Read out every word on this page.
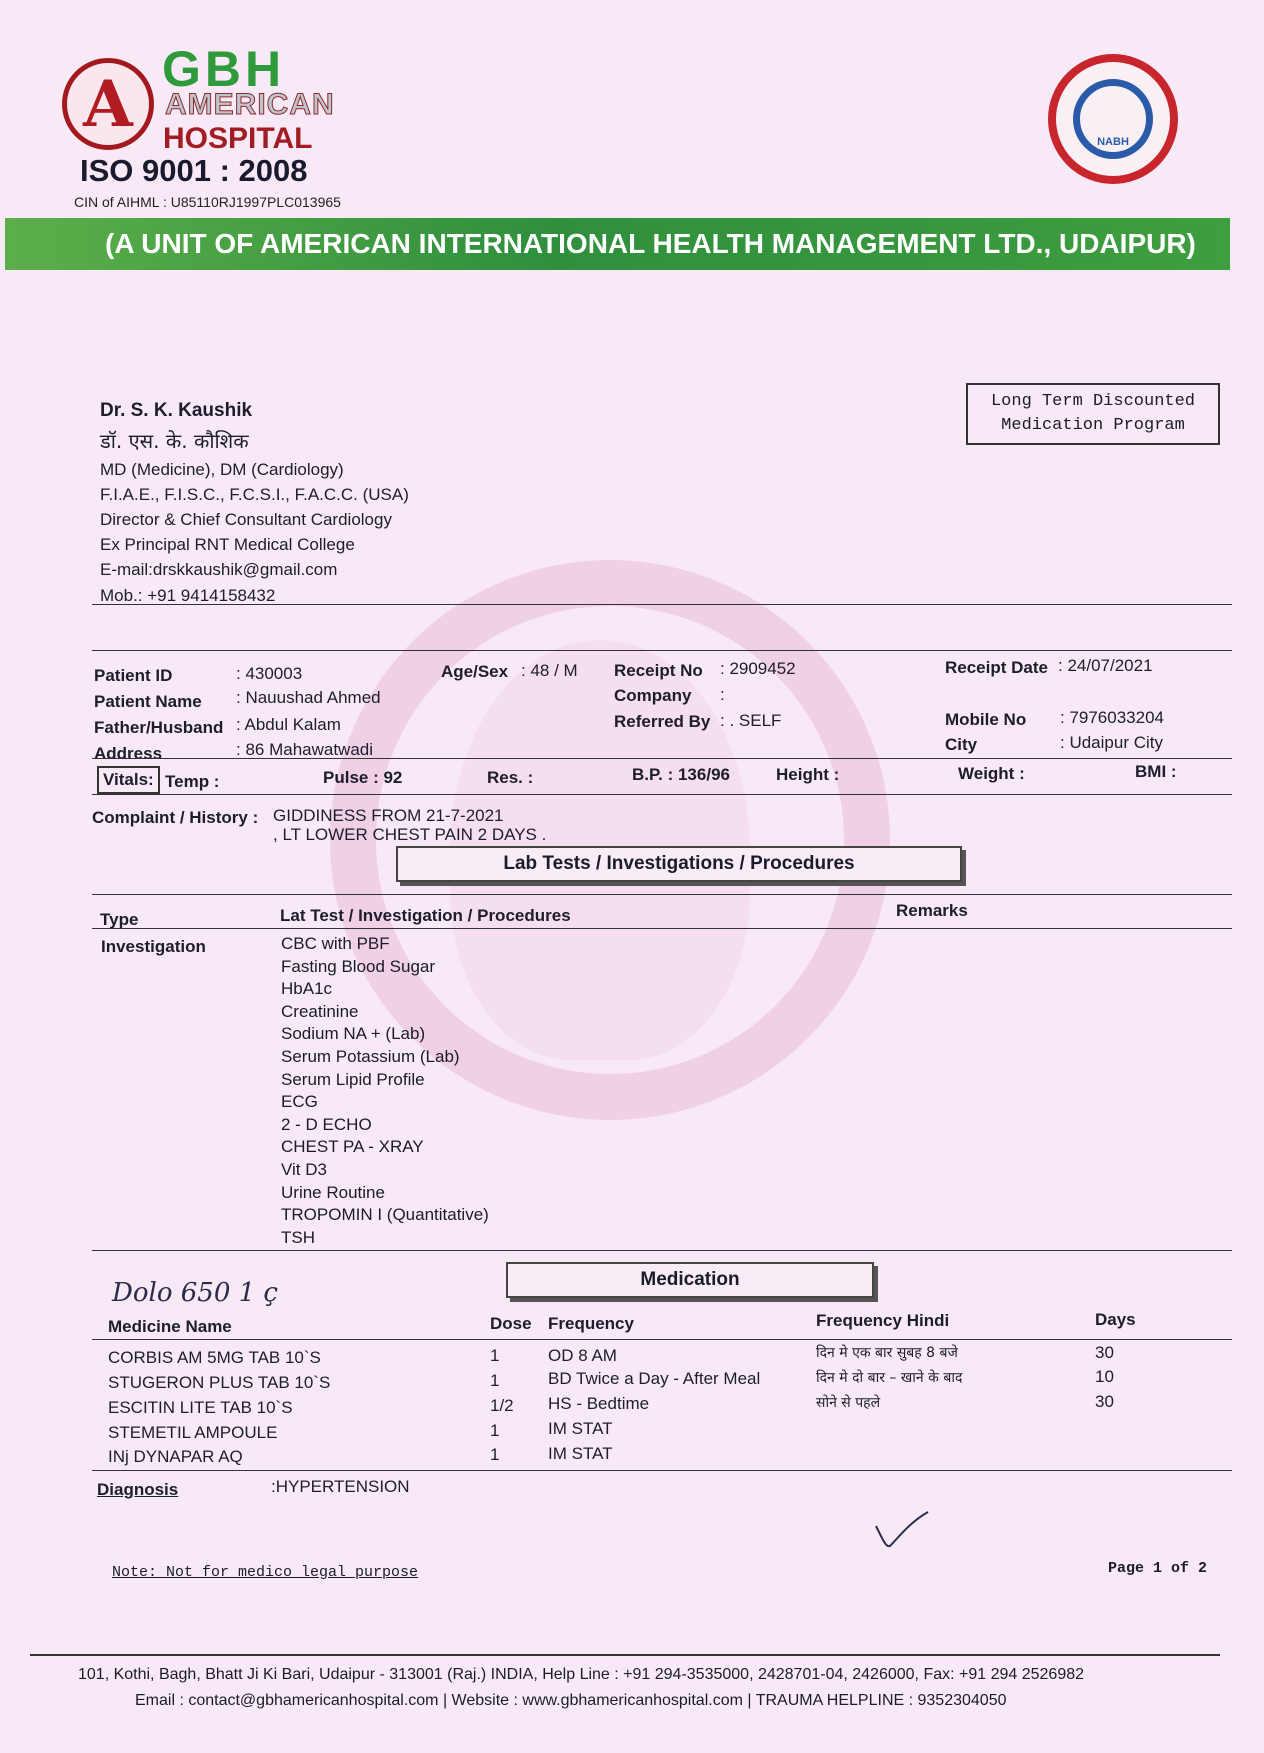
A GBH
AMERICAN
HOSPITAL
ISO 9001 : 2008
CIN of AIHML : U85110RJ1997PLC013965
NABH
(A UNIT OF AMERICAN INTERNATIONAL HEALTH MANAGEMENT LTD., UDAIPUR)
Dr. S. K. Kaushik
डॉ. एस. के. कौशिक
MD (Medicine), DM (Cardiology)
F.I.A.E., F.I.S.C., F.C.S.I., F.A.C.C. (USA)
Director & Chief Consultant Cardiology
Ex Principal RNT Medical College
E-mail:drskkaushik@gmail.com
Mob.: +91 9414158432
Long Term Discounted
Medication Program
Patient ID	: 430003
Patient Name : Nauushad Ahmed
Father/Husband : Abdul Kalam
Address	: 86 Mahawatwadi
Age/Sex : 48 / M Receipt No : 2909452
Company :
Referred By : . SELF
Receipt Date : 24/07/2021
Mobile No : 7976033204
City	: Udaipur City
Vitals: Temp :	Pulse : 92	Res. :	B.P. : 136/96	Height :	Weight :	BMI :
Complaint / History : GIDDINESS FROM 21-7-2021
, LT LOWER CHEST PAIN 2 DAYS .
Lab Tests / Investigations / Procedures
Type	Lat Test / Investigation / Procedures	Remarks
Investigation	CBC with PBF
Fasting Blood Sugar
HbA1c
Creatinine
Sodium NA + (Lab)
Serum Potassium (Lab)
Serum Lipid Profile
ECG
2 - D ECHO
CHEST PA - XRAY
Vit D3
Urine Routine
TROPOMIN I (Quantitative)
TSH
Medication
Dolo 650 1 ç
Medicine Name	Dose Frequency	Frequency Hindi	Days
CORBIS AM 5MG TAB 10`S	1	OD 8 AM	दिन मे एक बार सुबह 8 बजे	30
STUGERON PLUS TAB 10`S	1	BD Twice a Day - After Meal	दिन मे दो बार – खाने के बाद	10
ESCITIN LITE TAB 10`S	1/2 HS - Bedtime	सोने से पहले	30
STEMETIL AMPOULE	1	IM STAT
INj DYNAPAR AQ	1	IM STAT
Diagnosis	:HYPERTENSION
Note: Not for medico legal purpose	Page 1 of 2
101, Kothi, Bagh, Bhatt Ji Ki Bari, Udaipur - 313001 (Raj.) INDIA, Help Line : +91 294-3535000, 2428701-04, 2426000, Fax: +91 294 2526982
Email : contact@gbhamericanhospital.com | Website : www.gbhamericanhospital.com | TRAUMA HELPLINE : 9352304050
